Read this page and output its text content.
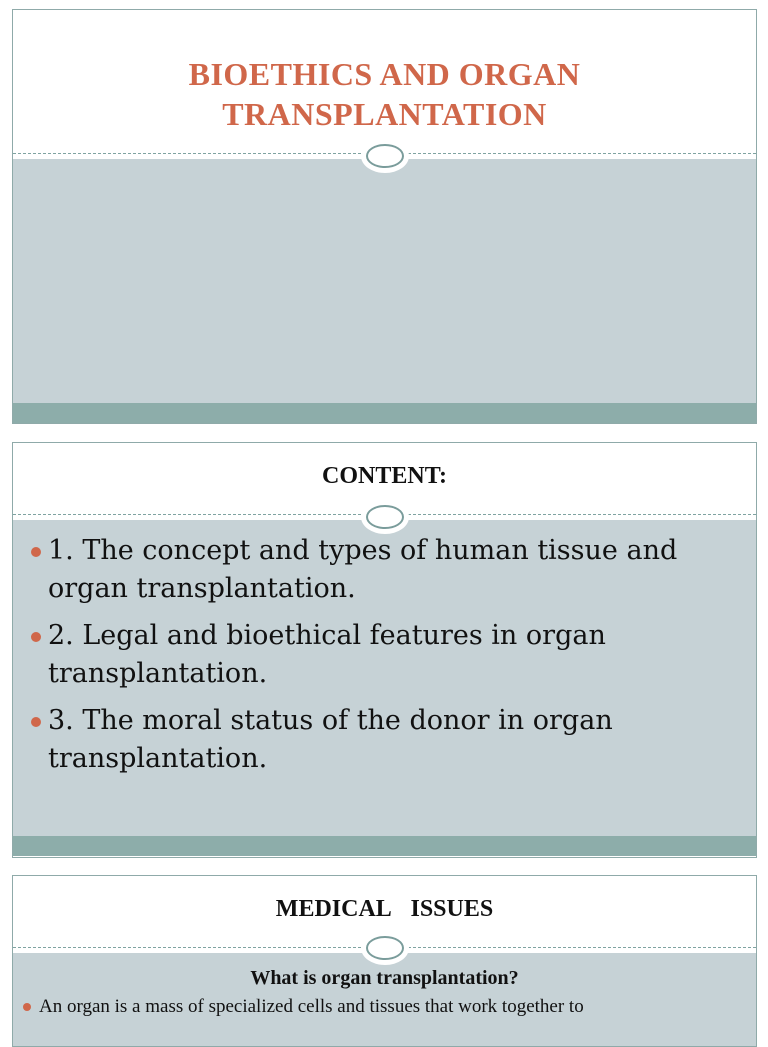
BIOETHICS AND ORGAN
TRANSPLANTATION
CONTENT:
1. The concept and types of human tissue and organ transplantation.
2. Legal and bioethical features in organ transplantation.
3. The moral status of the donor in organ transplantation.
MEDICAL ISSUES
What is organ transplantation?
An organ is a mass of specialized cells and tissues that work together to
